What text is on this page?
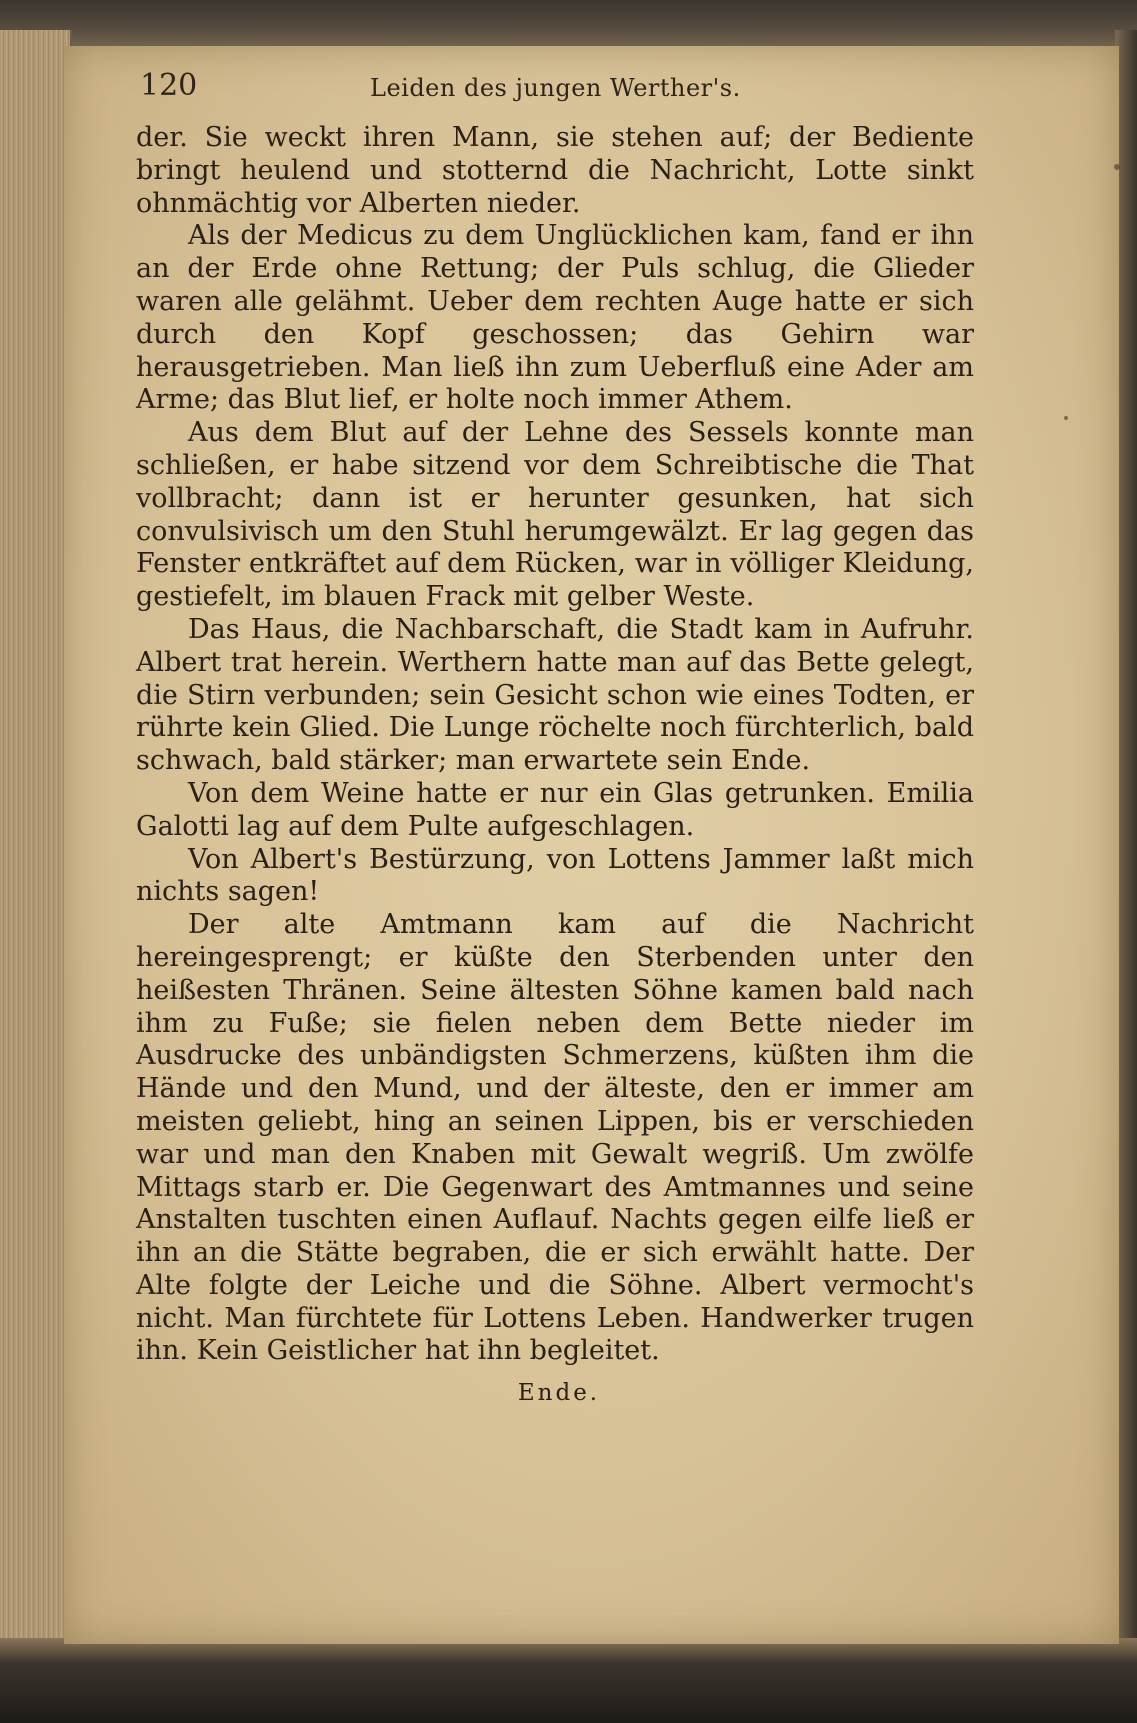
120	Leiden des jungen Werther's.

der. Sie weckt ihren Mann, sie stehen auf; der Bediente bringt heulend und stotternd die Nachricht, Lotte sinkt ohnmächtig vor Alberten nieder.

Als der Medicus zu dem Unglücklichen kam, fand er ihn an der Erde ohne Rettung; der Puls schlug, die Glieder waren alle gelähmt. Ueber dem rechten Auge hatte er sich durch den Kopf geschossen; das Gehirn war herausgetrieben. Man ließ ihn zum Ueberfluß eine Ader am Arme; das Blut lief, er holte noch immer Athem.

Aus dem Blut auf der Lehne des Sessels konnte man schließen, er habe sitzend vor dem Schreibtische die That vollbracht; dann ist er herunter gesunken, hat sich convulsivisch um den Stuhl herumgewälzt. Er lag gegen das Fenster entkräftet auf dem Rücken, war in völliger Kleidung, gestiefelt, im blauen Frack mit gelber Weste.

Das Haus, die Nachbarschaft, die Stadt kam in Aufruhr. Albert trat herein. Werthern hatte man auf das Bette gelegt, die Stirn verbunden; sein Gesicht schon wie eines Todten, er rührte kein Glied. Die Lunge röchelte noch fürchterlich, bald schwach, bald stärker; man erwartete sein Ende.

Von dem Weine hatte er nur ein Glas getrunken. Emilia Galotti lag auf dem Pulte aufgeschlagen.

Von Albert's Bestürzung, von Lottens Jammer laßt mich nichts sagen!

Der alte Amtmann kam auf die Nachricht hereingesprengt; er küßte den Sterbenden unter den heißesten Thränen. Seine ältesten Söhne kamen bald nach ihm zu Fuße; sie fielen neben dem Bette nieder im Ausdrucke des unbändigsten Schmerzens, küßten ihm die Hände und den Mund, und der älteste, den er immer am meisten geliebt, hing an seinen Lippen, bis er verschieden war und man den Knaben mit Gewalt wegriß. Um zwölfe Mittags starb er. Die Gegenwart des Amtmannes und seine Anstalten tuschten einen Auflauf. Nachts gegen eilfe ließ er ihn an die Stätte begraben, die er sich erwählt hatte. Der Alte folgte der Leiche und die Söhne. Albert vermocht's nicht. Man fürchtete für Lottens Leben. Handwerker trugen ihn. Kein Geistlicher hat ihn begleitet.

Ende.
